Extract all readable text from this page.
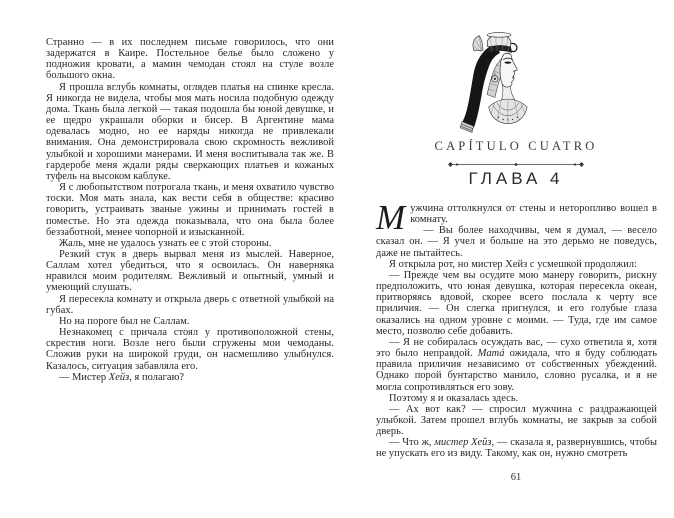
Странно — в их последнем письме говорилось, что они задержатся в Каире. Постельное белье было сложено у подножия кровати, а мамин чемодан стоял на стуле возле большого окна.

Я прошла вглубь комнаты, оглядев платья на спинке кресла. Я никогда не видела, чтобы моя мать носила подобную одежду дома. Ткань была легкой — такая подошла бы юной девушке, и ее щедро украшали оборки и бисер. В Аргентине мама одевалась модно, но ее наряды никогда не привлекали внимания. Она демонстрировала свою скромность вежливой улыбкой и хорошими манерами. И меня воспитывала так же. В гардеробе меня ждали ряды сверкающих платьев и кожаных туфель на высоком каблуке.

Я с любопытством потрогала ткань, и меня охватило чувство тоски. Моя мать знала, как вести себя в обществе: красиво говорить, устраивать званые ужины и принимать гостей в поместье. Но эта одежда показывала, что она была более беззаботной, менее чопорной и изысканной.

Жаль, мне не удалось узнать ее с этой стороны.

Резкий стук в дверь вырвал меня из мыслей. Наверное, Саллам хотел убедиться, что я освоилась. Он наверняка нравился моим родителям. Вежливый и опытный, умный и умеющий слушать.

Я пересекла комнату и открыла дверь с ответной улыбкой на губах.

Но на пороге был не Саллам.

Незнакомец с причала стоял у противоположной стены, скрестив ноги. Возле него были сгружены мои чемоданы. Сложив руки на широкой груди, он насмешливо улыбнулся. Казалось, ситуация забавляла его.

— Мистер Хейз, я полагаю?

CAPÍTULO CUATRO
ГЛАВА 4

Мужчина оттолкнулся от стены и неторопливо вошел в комнату.

— Вы более находчивы, чем я думал, — весело сказал он. — Я учел и больше на это дерьмо не поведусь, даже не пытайтесь.

Я открыла рот, но мистер Хейз с усмешкой продолжил:

— Прежде чем вы осудите мою манеру говорить, рискну предположить, что юная девушка, которая пересекла океан, притворяясь вдовой, скорее всего послала к черту все приличия. — Он слегка пригнулся, и его голубые глаза оказались на одном уровне с моими. — Туда, где им самое место, позволю себе добавить.

— Я не собиралась осуждать вас, — сухо ответила я, хотя это было неправдой. Mamá ожидала, что я буду соблюдать правила приличия независимо от собственных убеждений. Однако порой бунтарство манило, словно русалка, и я не могла сопротивляться его зову.

Поэтому я и оказалась здесь.

— Ах вот как? — спросил мужчина с раздражающей улыбкой. Затем прошел вглубь комнаты, не закрыв за собой дверь.

— Что ж, мистер Хейз, — сказала я, развернувшись, чтобы не упускать его из виду. Такому, как он, нужно смотреть

61
